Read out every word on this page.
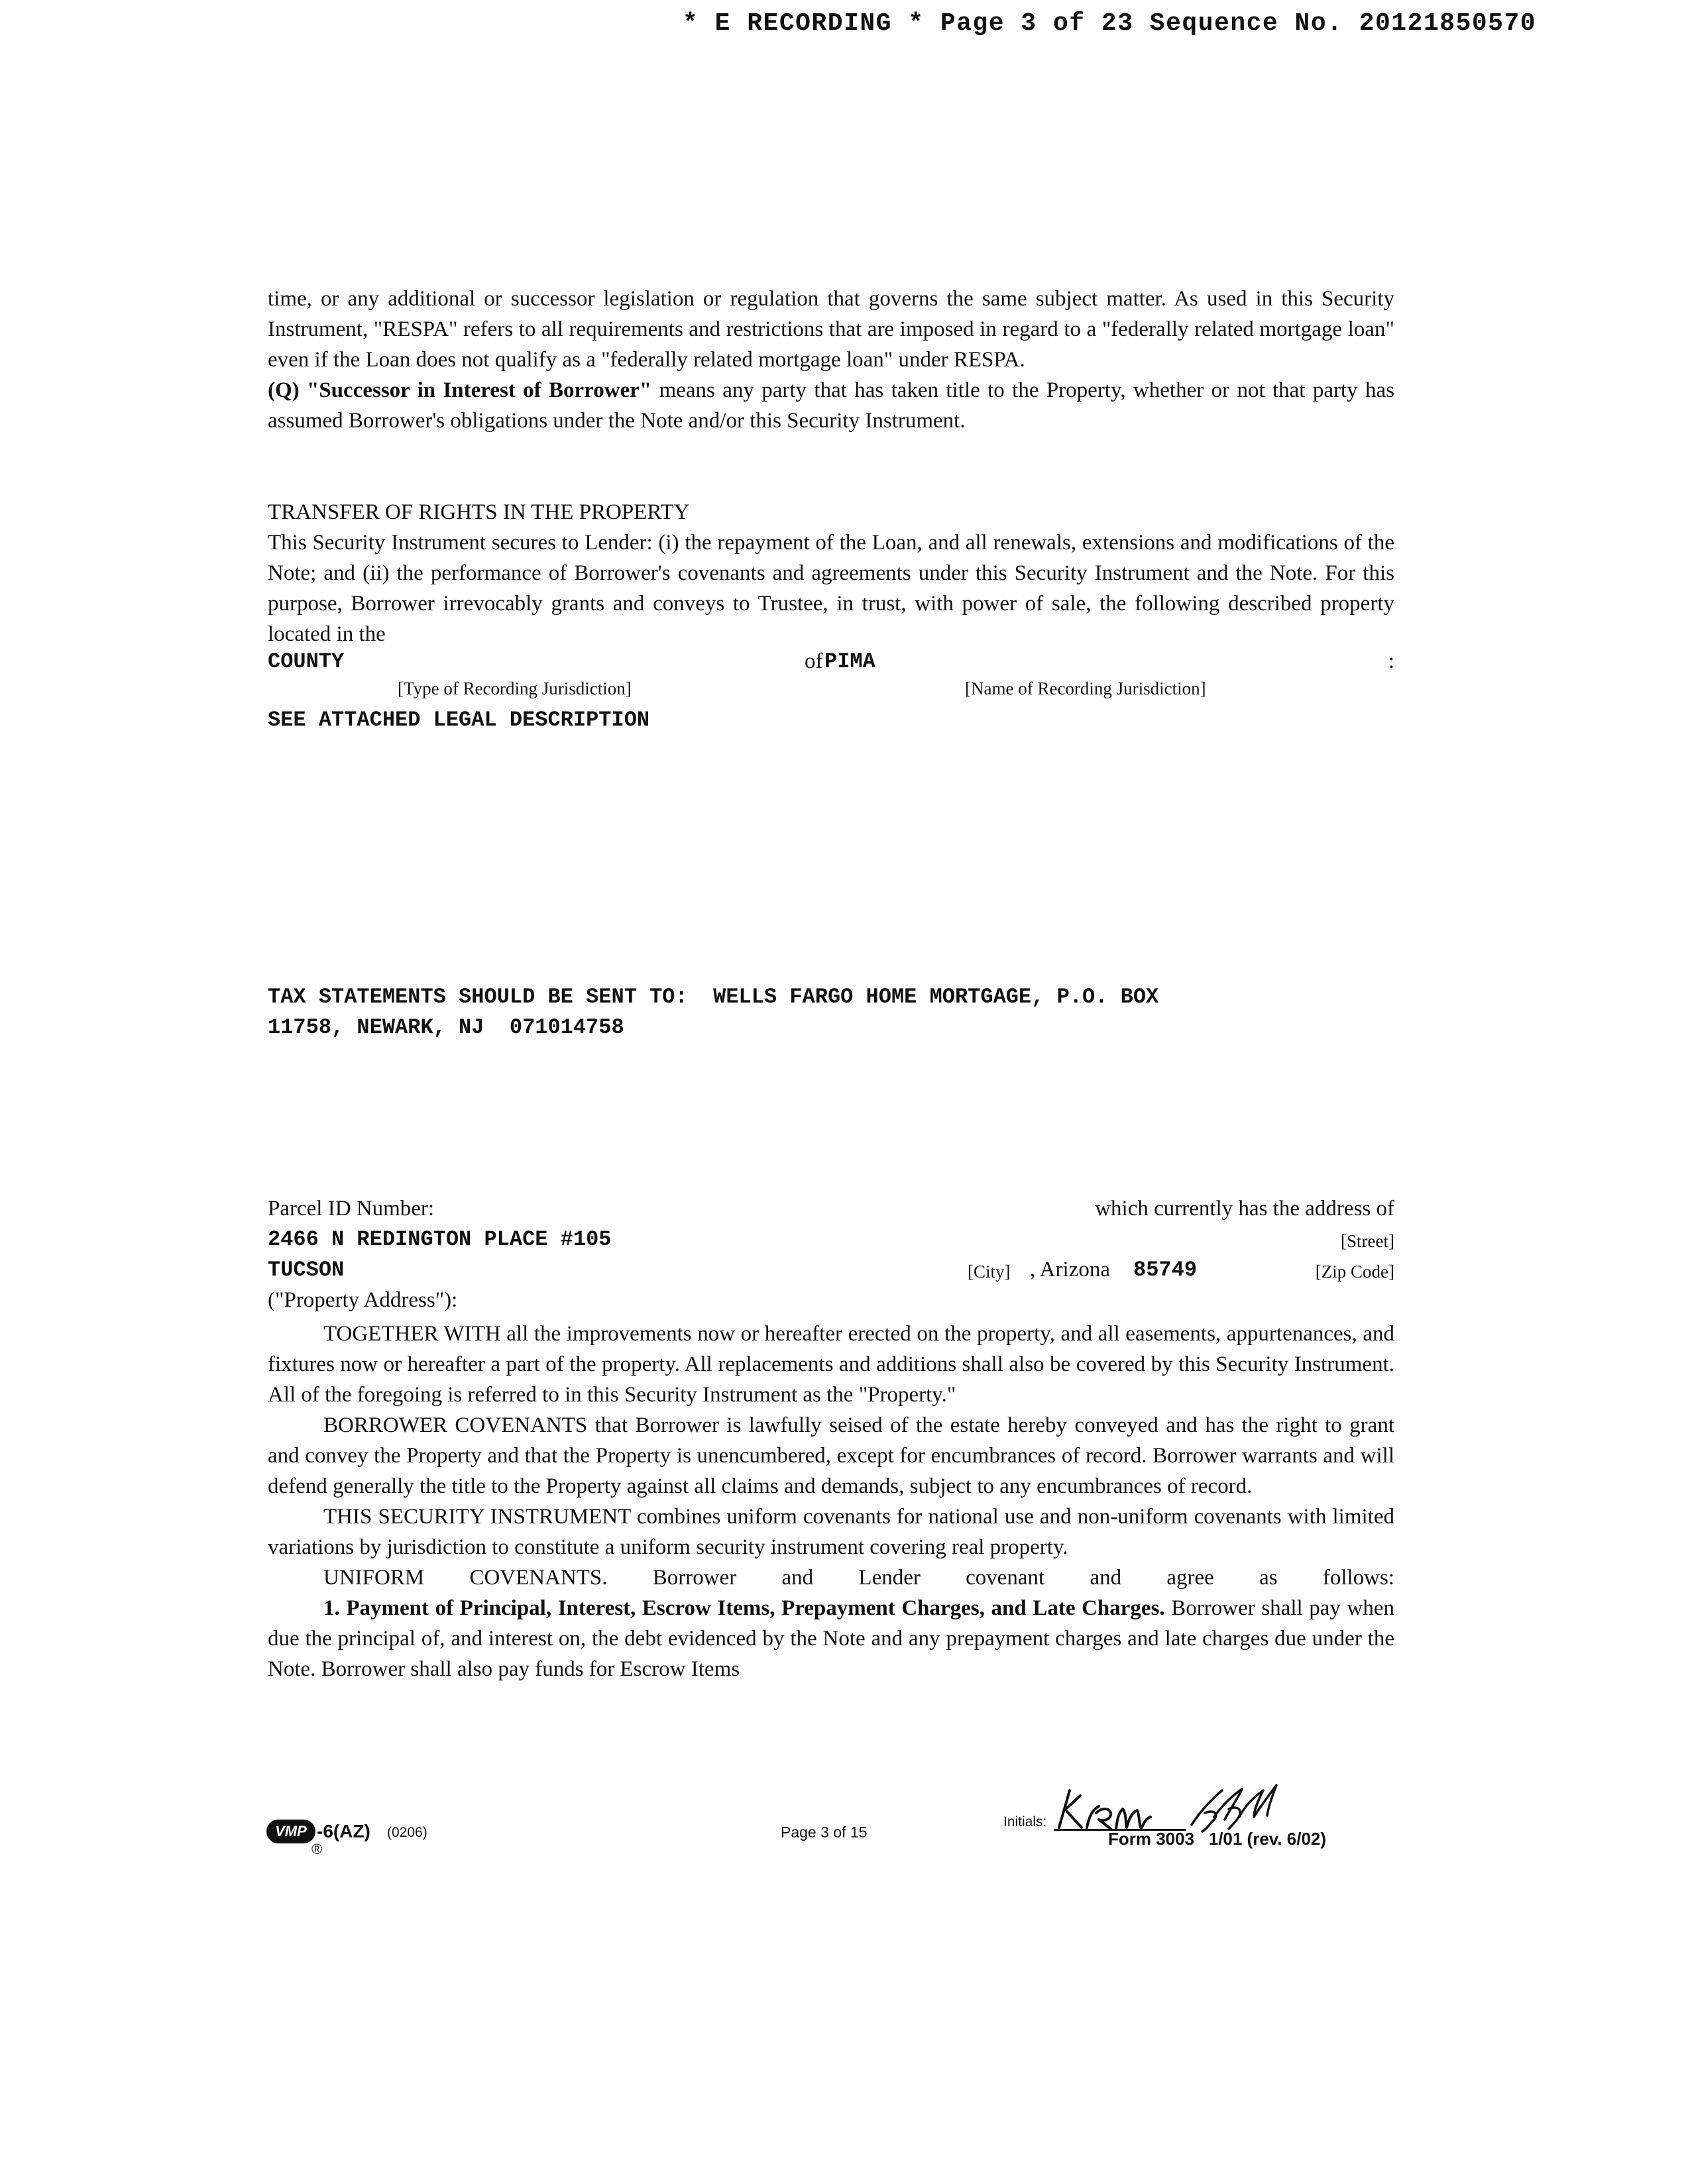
* E RECORDING * Page 3 of 23 Sequence No. 20121850570

time, or any additional or successor legislation or regulation that governs the same subject matter. As used in this Security Instrument, "RESPA" refers to all requirements and restrictions that are imposed in regard to a "federally related mortgage loan" even if the Loan does not qualify as a "federally related mortgage loan" under RESPA.

(Q) "Successor in Interest of Borrower" means any party that has taken title to the Property, whether or not that party has assumed Borrower's obligations under the Note and/or this Security Instrument.

TRANSFER OF RIGHTS IN THE PROPERTY

This Security Instrument secures to Lender: (i) the repayment of the Loan, and all renewals, extensions and modifications of the Note; and (ii) the performance of Borrower's covenants and agreements under this Security Instrument and the Note. For this purpose, Borrower irrevocably grants and conveys to Trustee, in trust, with power of sale, the following described property located in the

COUNTY	of PIMA	:
[Type of Recording Jurisdiction]	[Name of Recording Jurisdiction]
SEE ATTACHED LEGAL DESCRIPTION
TAX STATEMENTS SHOULD BE SENT TO:  WELLS FARGO HOME MORTGAGE, P.O. BOX
11758, NEWARK, NJ  071014758
Parcel ID Number:	which currently has the address of
2466 N REDINGTON PLACE #105	[Street]
TUCSON	[City] , Arizona 85749	[Zip Code]
("Property Address"):

TOGETHER WITH all the improvements now or hereafter erected on the property, and all easements, appurtenances, and fixtures now or hereafter a part of the property. All replacements and additions shall also be covered by this Security Instrument. All of the foregoing is referred to in this Security Instrument as the "Property."

BORROWER COVENANTS that Borrower is lawfully seised of the estate hereby conveyed and has the right to grant and convey the Property and that the Property is unencumbered, except for encumbrances of record. Borrower warrants and will defend generally the title to the Property against all claims and demands, subject to any encumbrances of record.

THIS SECURITY INSTRUMENT combines uniform covenants for national use and non-uniform covenants with limited variations by jurisdiction to constitute a uniform security instrument covering real property.

UNIFORM COVENANTS. Borrower and Lender covenant and agree as follows:

1. Payment of Principal, Interest, Escrow Items, Prepayment Charges, and Late Charges. Borrower shall pay when due the principal of, and interest on, the debt evidenced by the Note and any prepayment charges and late charges due under the Note. Borrower shall also pay funds for Escrow Items

VMP
®
-6(AZ) (0206)	Page 3 of 15
Initials:
Form 3003   1/01 (rev. 6/02)
